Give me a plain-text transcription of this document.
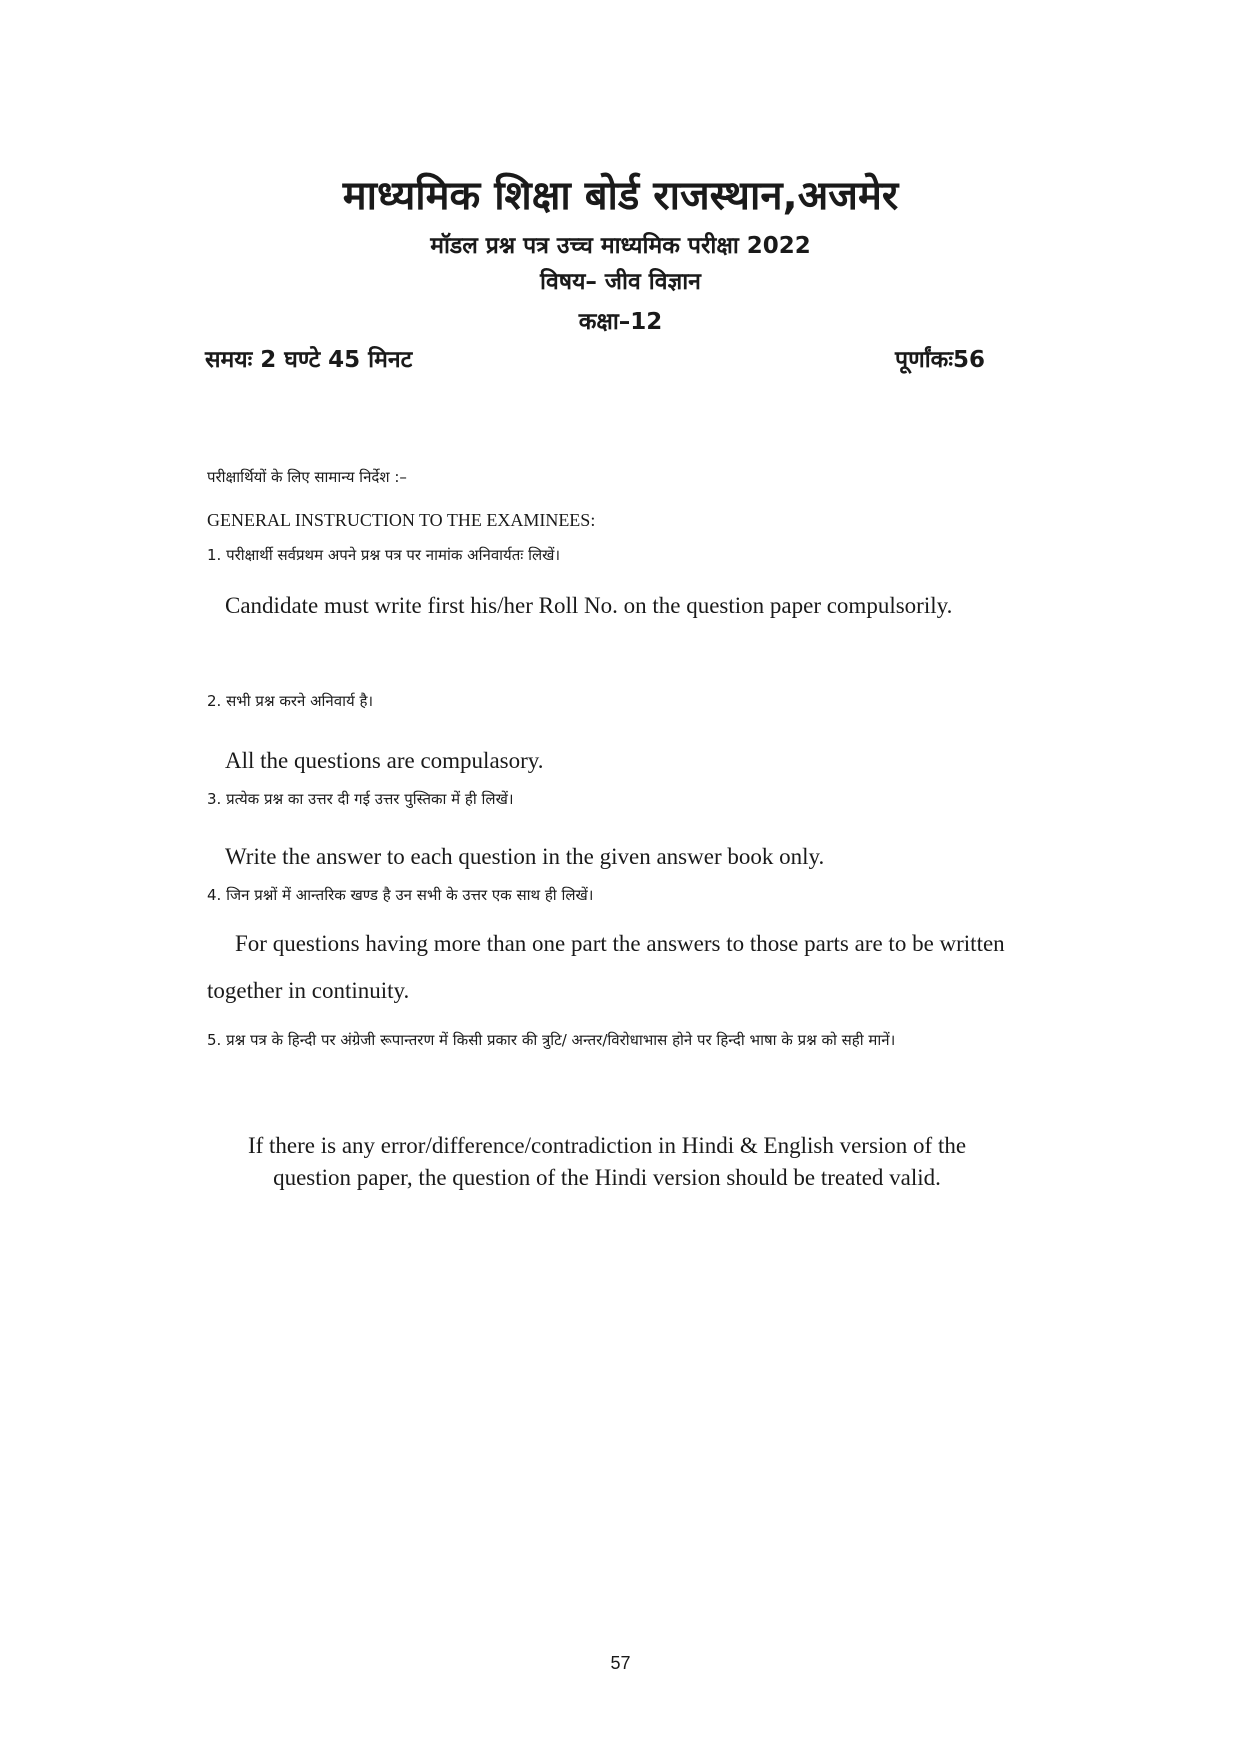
माध्यमिक शिक्षा बोर्ड राजस्थान,अजमेर

मॉडल प्रश्न पत्र उच्च माध्यमिक परीक्षा 2022

विषय– जीव विज्ञान

कक्षा–12

समयः 2 घण्टे 45 मिनट	पूर्णांकः56
परीक्षार्थियों के लिए सामान्य निर्देश :–
GENERAL INSTRUCTION TO THE EXAMINEES:
1. परीक्षार्थी सर्वप्रथम अपने प्रश्न पत्र पर नामांक अनिवार्यतः लिखें।
Candidate must write first his/her Roll No. on the question paper compulsorily.
2. सभी प्रश्न करने अनिवार्य है।
All the questions are compulasory.
3. प्रत्येक प्रश्न का उत्तर दी गई उत्तर पुस्तिका में ही लिखें।
Write the answer to each question in the given answer book only.
4. जिन प्रश्नों में आन्तरिक खण्ड है उन सभी के उत्तर एक साथ ही लिखें।
For questions having more than one part the answers to those parts are to be written together in continuity.
5. प्रश्न पत्र के हिन्दी पर अंग्रेजी रूपान्तरण में किसी प्रकार की त्रुटि/ अन्तर/विरोधाभास होने पर हिन्दी भाषा के प्रश्न को सही मानें।
If there is any error/difference/contradiction in Hindi & English version of the question paper, the question of the Hindi version should be treated valid.
57
